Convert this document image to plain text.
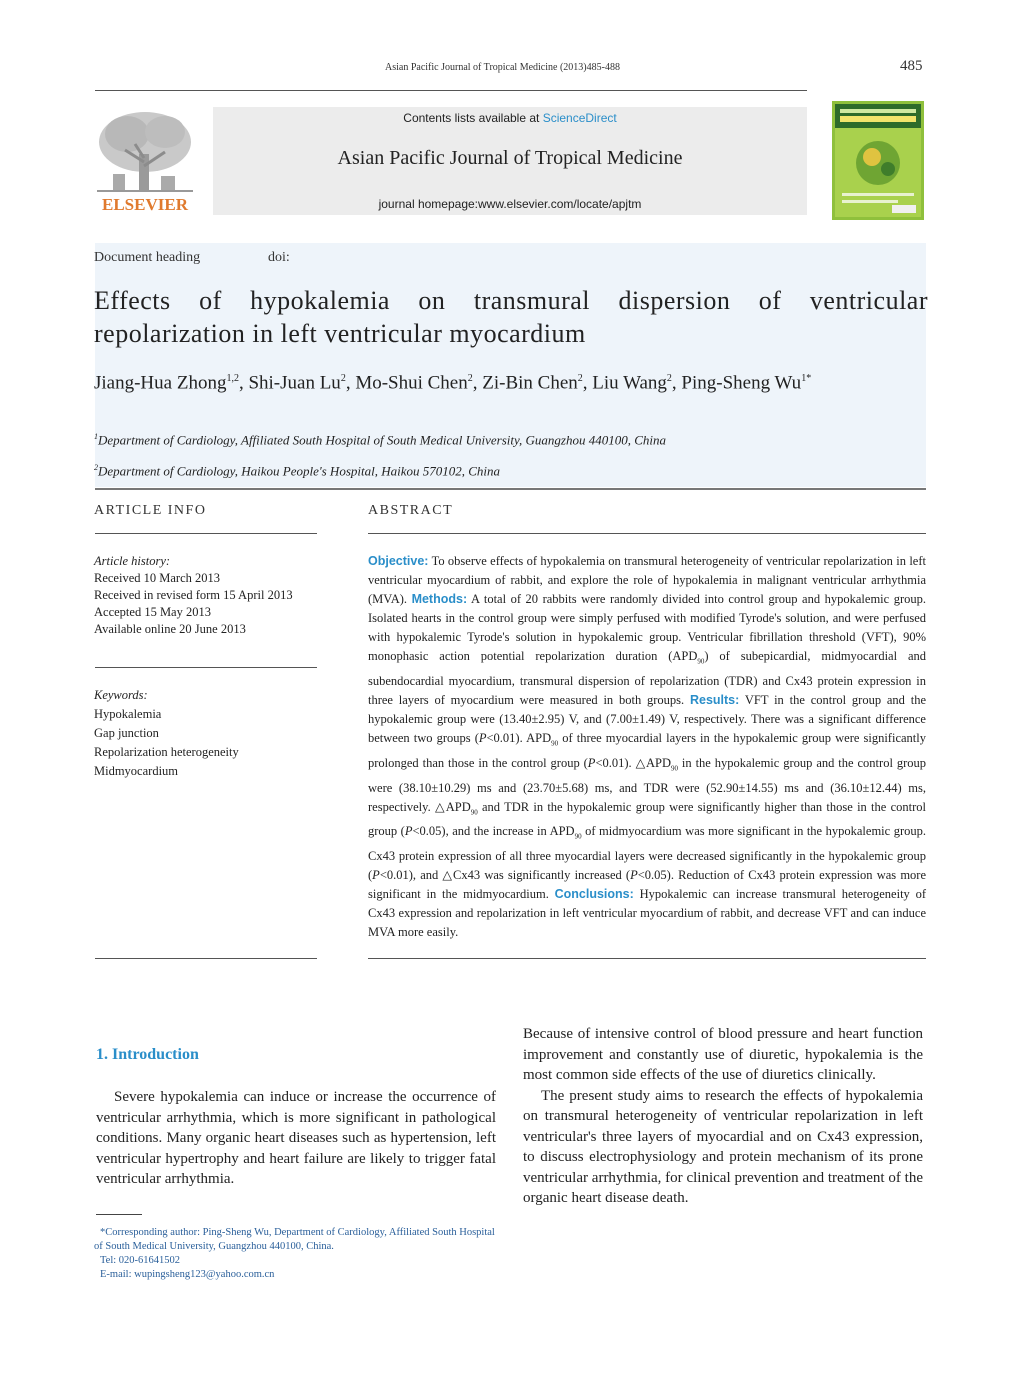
Asian Pacific Journal of Tropical Medicine (2013)485-488	485
ELSEVIER
Contents lists available at ScienceDirect
Asian Pacific Journal of Tropical Medicine
journal homepage:www.elsevier.com/locate/apjtm
Document heading	doi:
Effects of hypokalemia on transmural dispersion of ventricular repolarization in left ventricular myocardium
Jiang-Hua Zhong$^{1,2}$, Shi-Juan Lu$^2$, Mo-Shui Chen$^2$, Zi-Bin Chen$^2$, Liu Wang$^2$, Ping-Sheng $Wu^{1*}$
$^1$Department of Cardiology, Affiliated South Hospital of South Medical University, Guangzhou 440100, China
$^2$Department of Cardiology, Haikou People's Hospital, Haikou 570102, China
ARTICLE INFO	ABSTRACT
Article history:
Received 10 March 2013
Received in revised form 15 April 2013
Accepted 15 May 2013
Available online 20 June 2013
Keywords:
Hypokalemia
Gap junction
Repolarization heterogeneity
Midmyocardium
Objective: To observe effects of hypokalemia on transmural heterogeneity of ventricular repolarization in left ventricular myocardium of rabbit, and explore the role of hypokalemia in malignant ventricular arrhythmia (MVA). Methods: A total of 20 rabbits were randomly divided into control group and hypokalemic group. Isolated hearts in the control group were simply perfused with modified Tyrode's solution, and were perfused with hypokalemic Tyrode's solution in hypokalemic group. Ventricular fibrillation threshold (VFT), 90% monophasic action potential repolarization duration $(APD_{90})$ of subepicardial, midmyocardial and subendocardial myocardium, transmural dispersion of repolarization (TDR) and Cx43 protein expression in three layers of myocardium were measured in both groups. Results: VFT in the control group and the hypokalemic group were (13.40±2.95) V, and (7.00±1.49) V, respectively. There was a significant difference between two groups (P<0.01). $APD_{90}$ of three myocardial layers in the hypokalemic group were significantly prolonged than those in the control group (P<0.01). $\triangle APD_{90}$ in the hypokalemic group and the control group were (38.10±10.29) ms and (23.70±5.68) ms, and TDR were (52.90±14.55) ms and (36.10±12.44) ms, respectively. $\triangle APD_{90}$ and TDR in the hypokalemic group were significantly higher than those in the control group (P<0.05), and the increase in $APD_{90}$ of midmyocardium was more significant in the hypokalemic group. Cx43 protein expression of all three myocardial layers were decreased significantly in the hypokalemic group (P<0.01), and △Cx43 was significantly increased (P<0.05). Reduction of Cx43 protein expression was more significant in the midmyocardium. Conclusions: Hypokalemic can increase transmural heterogeneity of Cx43 expression and repolarization in left ventricular myocardium of rabbit, and decrease VFT and can induce MVA more easily.
1. Introduction

Severe hypokalemia can induce or increase the occurrence of ventricular arrhythmia, which is more significant in pathological conditions. Many organic heart diseases such as hypertension, left ventricular hypertrophy and heart failure are likely to trigger fatal ventricular arrhythmia.

Because of intensive control of blood pressure and heart function improvement and constantly use of diuretic, hypokalemia is the most common side effects of the use of diuretics clinically.

The present study aims to research the effects of hypokalemia on transmural heterogeneity of ventricular repolarization in left ventricular's three layers of myocardial and on Cx43 expression, to discuss electrophysiology and protein mechanism of its prone ventricular arrhythmia, for clinical prevention and treatment of the organic heart disease death.

*Corresponding author: Ping-Sheng Wu, Department of Cardiology, Affiliated South Hospital of South Medical University, Guangzhou 440100, China.
Tel: 020-61641502
E-mail: wupingsheng123@yahoo.com.cn
